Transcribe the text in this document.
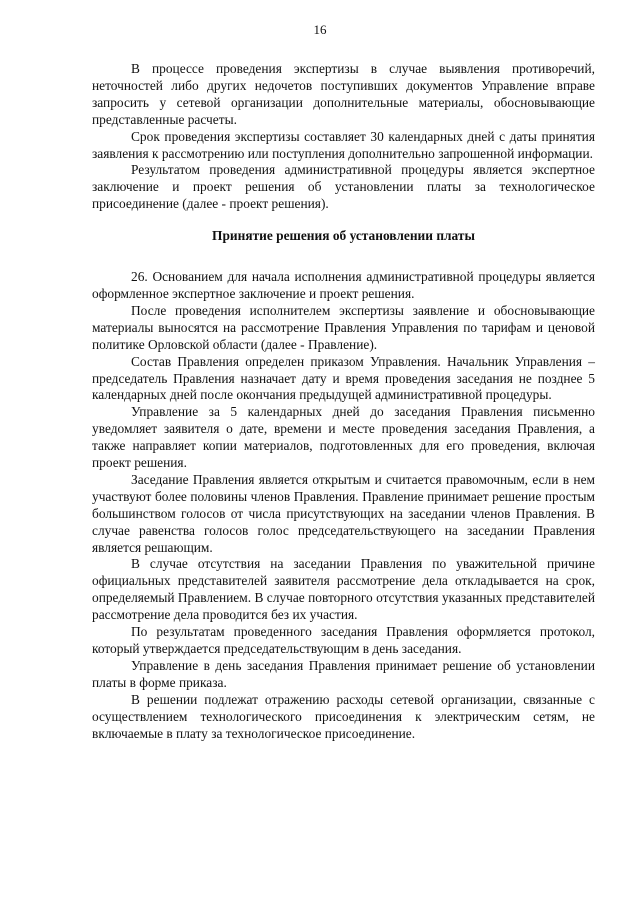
16

В процессе проведения экспертизы в случае выявления противоречий, неточностей либо других недочетов поступивших документов Управление вправе запросить у сетевой организации дополнительные материалы, обосновывающие представленные расчеты.

Срок проведения экспертизы составляет 30 календарных дней с даты принятия заявления к рассмотрению или поступления дополнительно запрошенной информации.

Результатом проведения административной процедуры является экспертное заключение и проект решения об установлении платы за технологическое присоединение (далее - проект решения).

Принятие решения об установлении платы

26. Основанием для начала исполнения административной процедуры является оформленное экспертное заключение и проект решения.

После проведения исполнителем экспертизы заявление и обосновывающие материалы выносятся на рассмотрение Правления Управления по тарифам и ценовой политике Орловской области (далее - Правление).

Состав Правления определен приказом Управления. Начальник Управления – председатель Правления назначает дату и время проведения заседания не позднее 5 календарных дней после окончания предыдущей административной процедуры.

Управление за 5 календарных дней до заседания Правления письменно уведомляет заявителя о дате, времени и месте проведения заседания Правления, а также направляет копии материалов, подготовленных для его проведения, включая проект решения.

Заседание Правления является открытым и считается правомочным, если в нем участвуют более половины членов Правления. Правление принимает решение простым большинством голосов от числа присутствующих на заседании членов Правления. В случае равенства голосов голос председательствующего на заседании Правления является решающим.

В случае отсутствия на заседании Правления по уважительной причине официальных представителей заявителя рассмотрение дела откладывается на срок, определяемый Правлением. В случае повторного отсутствия указанных представителей рассмотрение дела проводится без их участия.

По результатам проведенного заседания Правления оформляется протокол, который утверждается председательствующим в день заседания.

Управление в день заседания Правления принимает решение об установлении платы в форме приказа.

В решении подлежат отражению расходы сетевой организации, связанные с осуществлением технологического присоединения к электрическим сетям, не включаемые в плату за технологическое присоединение.
